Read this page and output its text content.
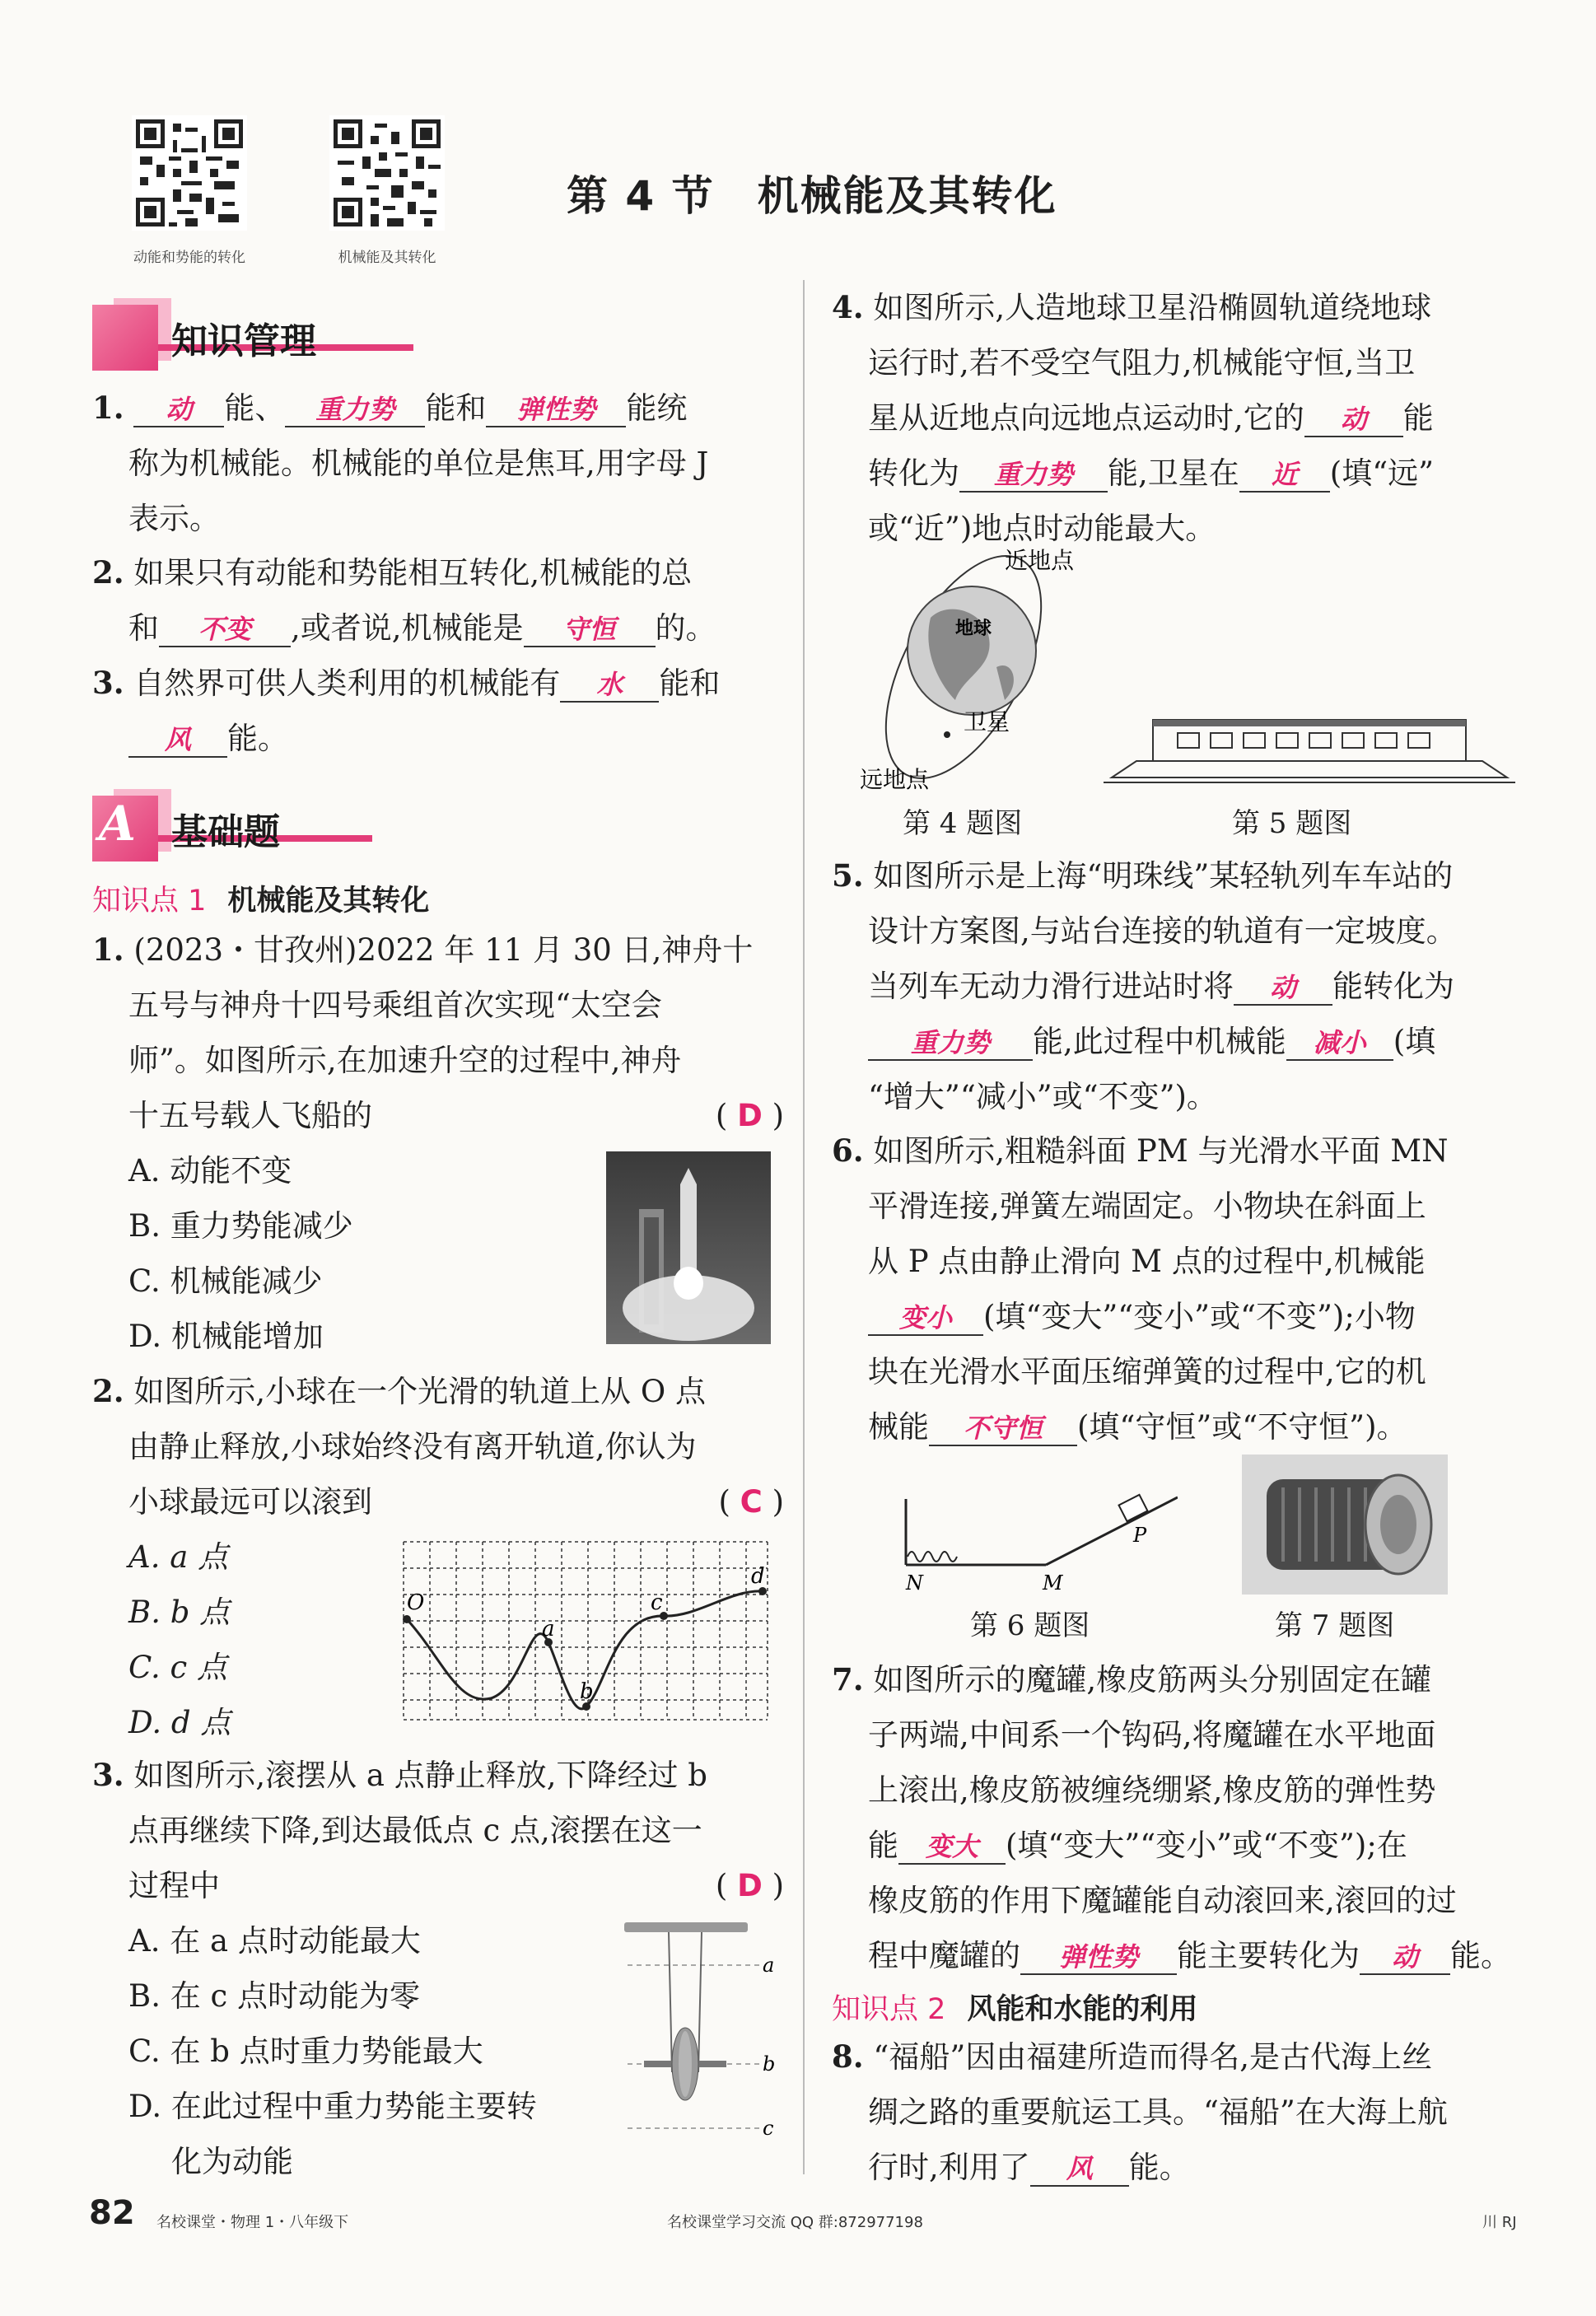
动能和势能的转化	机械能及其转化
第 4 节　机械能及其转化
知识管理
1. 动 能、 重力势 能和 弹性势 能统
称为机械能。机械能的单位是焦耳,用字母 J
表示。
2. 如果只有动能和势能相互转化,机械能的总
和 不变 ,或者说,机械能是 守恒 的。
3. 自然界可供人类利用的机械能有 水 能和
风 能。
A 基础题
知识点 1 机械能及其转化
1. (2023・甘孜州)2022 年 11 月 30 日,神舟十
五号与神舟十四号乘组首次实现“太空会
师”。如图所示,在加速升空的过程中,神舟
十五号载人飞船的	( D )
A. 动能不变
B. 重力势能减少
C. 机械能减少
D. 机械能增加
2. 如图所示,小球在一个光滑的轨道上从 O 点
由静止释放,小球始终没有离开轨道,你认为
小球最远可以滚到	( C )
A. a 点
B. b 点
C. c 点
D. d 点
O
a
b
c
d
3. 如图所示,滚摆从 a 点静止释放,下降经过 b
点再继续下降,到达最低点 c 点,滚摆在这一
过程中	( D )
A. 在 a 点时动能最大
B. 在 c 点时动能为零
C. 在 b 点时重力势能最大
D. 在此过程中重力势能主要转
化为动能
a
b
c
4. 如图所示,人造地球卫星沿椭圆轨道绕地球
运行时,若不受空气阻力,机械能守恒,当卫
星从近地点向远地点运动时,它的 动 能
转化为 重力势 能,卫星在 近 (填“远”
或“近”)地点时动能最大。
近地点
地球
卫星
远地点
第 4 题图	第 5 题图
5. 如图所示是上海“明珠线”某轻轨列车车站的
设计方案图,与站台连接的轨道有一定坡度。
当列车无动力滑行进站时将 动 能转化为
重力势 能,此过程中机械能 减小 (填
“增大”“减小”或“不变”)。
6. 如图所示,粗糙斜面 PM 与光滑水平面 MN
平滑连接,弹簧左端固定。小物块在斜面上
从 P 点由静止滑向 M 点的过程中,机械能
变小 (填“变大”“变小”或“不变”);小物
块在光滑水平面压缩弹簧的过程中,它的机
械能 不守恒 (填“守恒”或“不守恒”)。
N	M
P
第 6 题图	第 7 题图
7. 如图所示的魔罐,橡皮筋两头分别固定在罐
子两端,中间系一个钩码,将魔罐在水平地面
上滚出,橡皮筋被缠绕绷紧,橡皮筋的弹性势
能 变大 (填“变大”“变小”或“不变”);在
橡皮筋的作用下魔罐能自动滚回来,滚回的过
程中魔罐的 弹性势 能主要转化为 动 能。
知识点 2 风能和水能的利用
8. “福船”因由福建所造而得名,是古代海上丝
绸之路的重要航运工具。“福船”在大海上航
行时,利用了 风 能。
82 名校课堂・物理 1・八年级下	名校课堂学习交流 QQ 群:872977198	川 RJ
